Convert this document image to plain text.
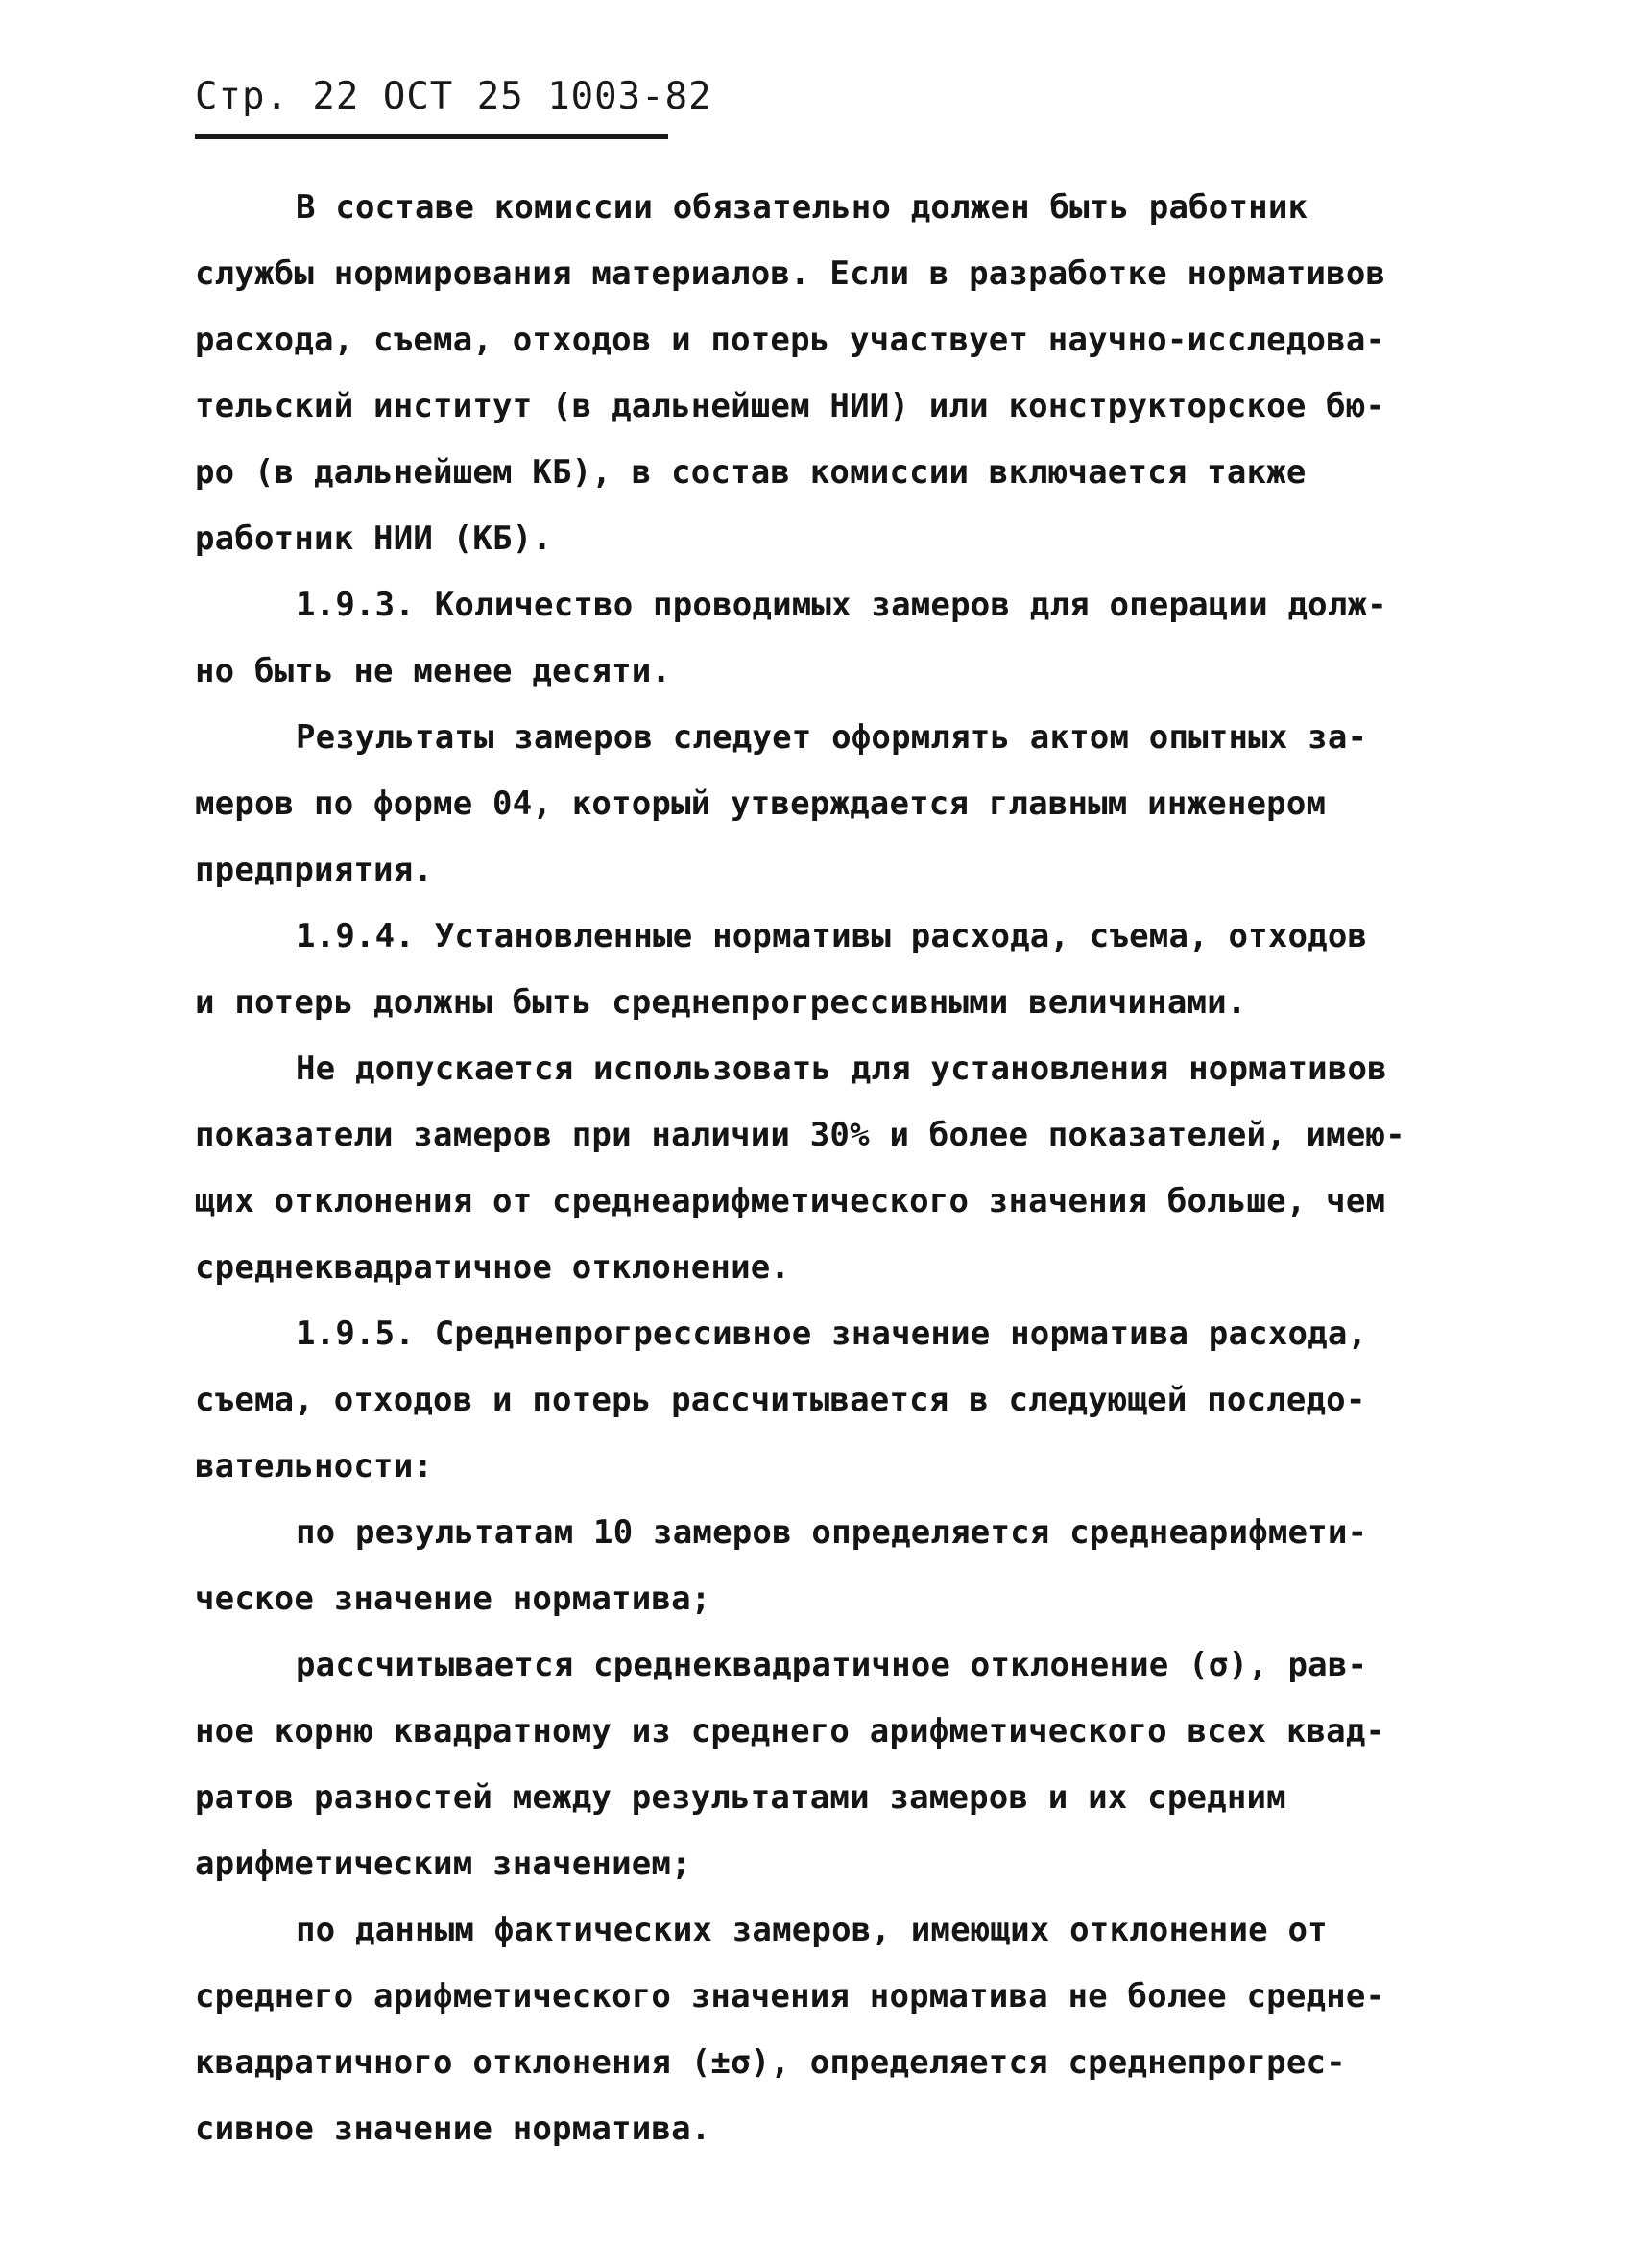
Стр. 22 ОСТ 25 1003-82
В составе комиссии обязательно должен быть работник
службы нормирования материалов. Если в разработке нормативов
расхода, съема, отходов и потерь участвует научно-исследова-
тельский институт (в дальнейшем НИИ) или конструкторское бю-
ро (в дальнейшем КБ), в состав комиссии включается также
работник НИИ (КБ).
1.9.3. Количество проводимых замеров для операции долж-
но быть не менее десяти.
Результаты замеров следует оформлять актом опытных за-
меров по форме 04, который утверждается главным инженером
предприятия.
1.9.4. Установленные нормативы расхода, съема, отходов
и потерь должны быть среднепрогрессивными величинами.
Не допускается использовать для установления нормативов
показатели замеров при наличии 30% и более показателей, имею-
щих отклонения от среднеарифметического значения больше, чем
среднеквадратичное отклонение.
1.9.5. Среднепрогрессивное значение норматива расхода,
съема, отходов и потерь рассчитывается в следующей последо-
вательности:
по результатам 10 замеров определяется среднеарифмети-
ческое значение норматива;
рассчитывается среднеквадратичное отклонение (σ), рав-
ное корню квадратному из среднего арифметического всех квад-
ратов разностей между результатами замеров и их средним
арифметическим значением;
по данным фактических замеров, имеющих отклонение от
среднего арифметического значения норматива не более средне-
квадратичного отклонения (±σ), определяется среднепрогрес-
сивное значение норматива.
